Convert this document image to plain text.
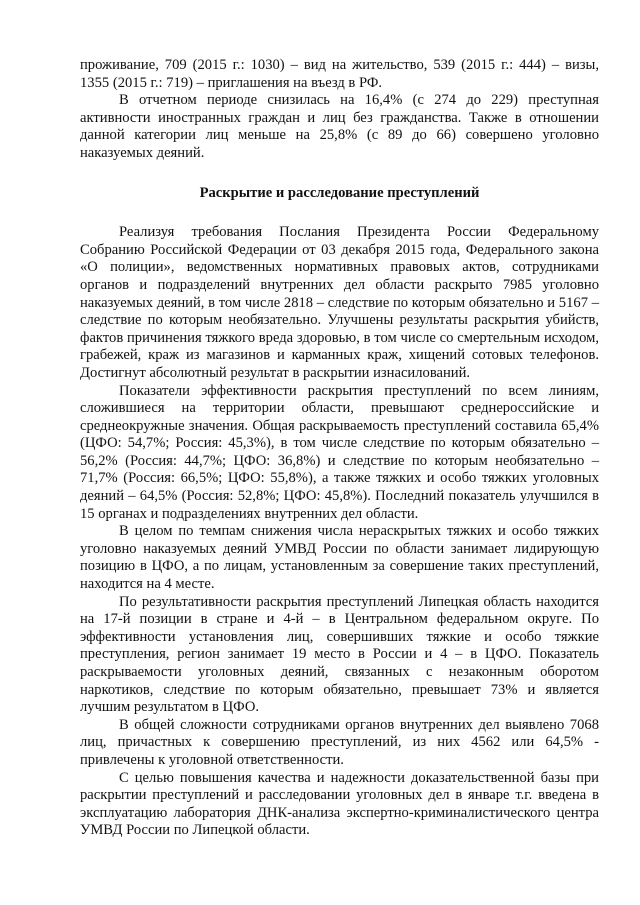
проживание, 709 (2015 г.: 1030) – вид на жительство, 539 (2015 г.: 444) – визы, 1355 (2015 г.: 719) – приглашения на въезд в РФ.

В отчетном периоде снизилась на 16,4% (с 274 до 229) преступная активности иностранных граждан и лиц без гражданства. Также в отношении данной категории лиц меньше на 25,8% (с 89 до 66) совершено уголовно наказуемых деяний.

Раскрытие и расследование преступлений

Реализуя требования Послания Президента России Федеральному Собранию Российской Федерации от 03 декабря 2015 года, Федерального закона «О полиции», ведомственных нормативных правовых актов, сотрудниками органов и подразделений внутренних дел области раскрыто 7985 уголовно наказуемых деяний, в том числе 2818 – следствие по которым обязательно и 5167 – следствие по которым необязательно. Улучшены результаты раскрытия убийств, фактов причинения тяжкого вреда здоровью, в том числе со смертельным исходом, грабежей, краж из магазинов и карманных краж, хищений сотовых телефонов. Достигнут абсолютный результат в раскрытии изнасилований.

Показатели эффективности раскрытия преступлений по всем линиям, сложившиеся на территории области, превышают среднероссийские и среднеокружные значения. Общая раскрываемость преступлений составила 65,4% (ЦФО: 54,7%; Россия: 45,3%), в том числе следствие по которым обязательно – 56,2% (Россия: 44,7%; ЦФО: 36,8%) и следствие по которым необязательно – 71,7% (Россия: 66,5%; ЦФО: 55,8%), а также тяжких и особо тяжких уголовных деяний – 64,5% (Россия: 52,8%; ЦФО: 45,8%). Последний показатель улучшился в 15 органах и подразделениях внутренних дел области.

В целом по темпам снижения числа нераскрытых тяжких и особо тяжких уголовно наказуемых деяний УМВД России по области занимает лидирующую позицию в ЦФО, а по лицам, установленным за совершение таких преступлений, находится на 4 месте.

По результативности раскрытия преступлений Липецкая область находится на 17-й позиции в стране и 4-й – в Центральном федеральном округе. По эффективности установления лиц, совершивших тяжкие и особо тяжкие преступления, регион занимает 19 место в России и 4 – в ЦФО. Показатель раскрываемости уголовных деяний, связанных с незаконным оборотом наркотиков, следствие по которым обязательно, превышает 73% и является лучшим результатом в ЦФО.

В общей сложности сотрудниками органов внутренних дел выявлено 7068 лиц, причастных к совершению преступлений, из них 4562 или 64,5% - привлечены к уголовной ответственности.

С целью повышения качества и надежности доказательственной базы при раскрытии преступлений и расследовании уголовных дел в январе т.г. введена в эксплуатацию лаборатория ДНК-анализа экспертно-криминалистического центра УМВД России по Липецкой области.
